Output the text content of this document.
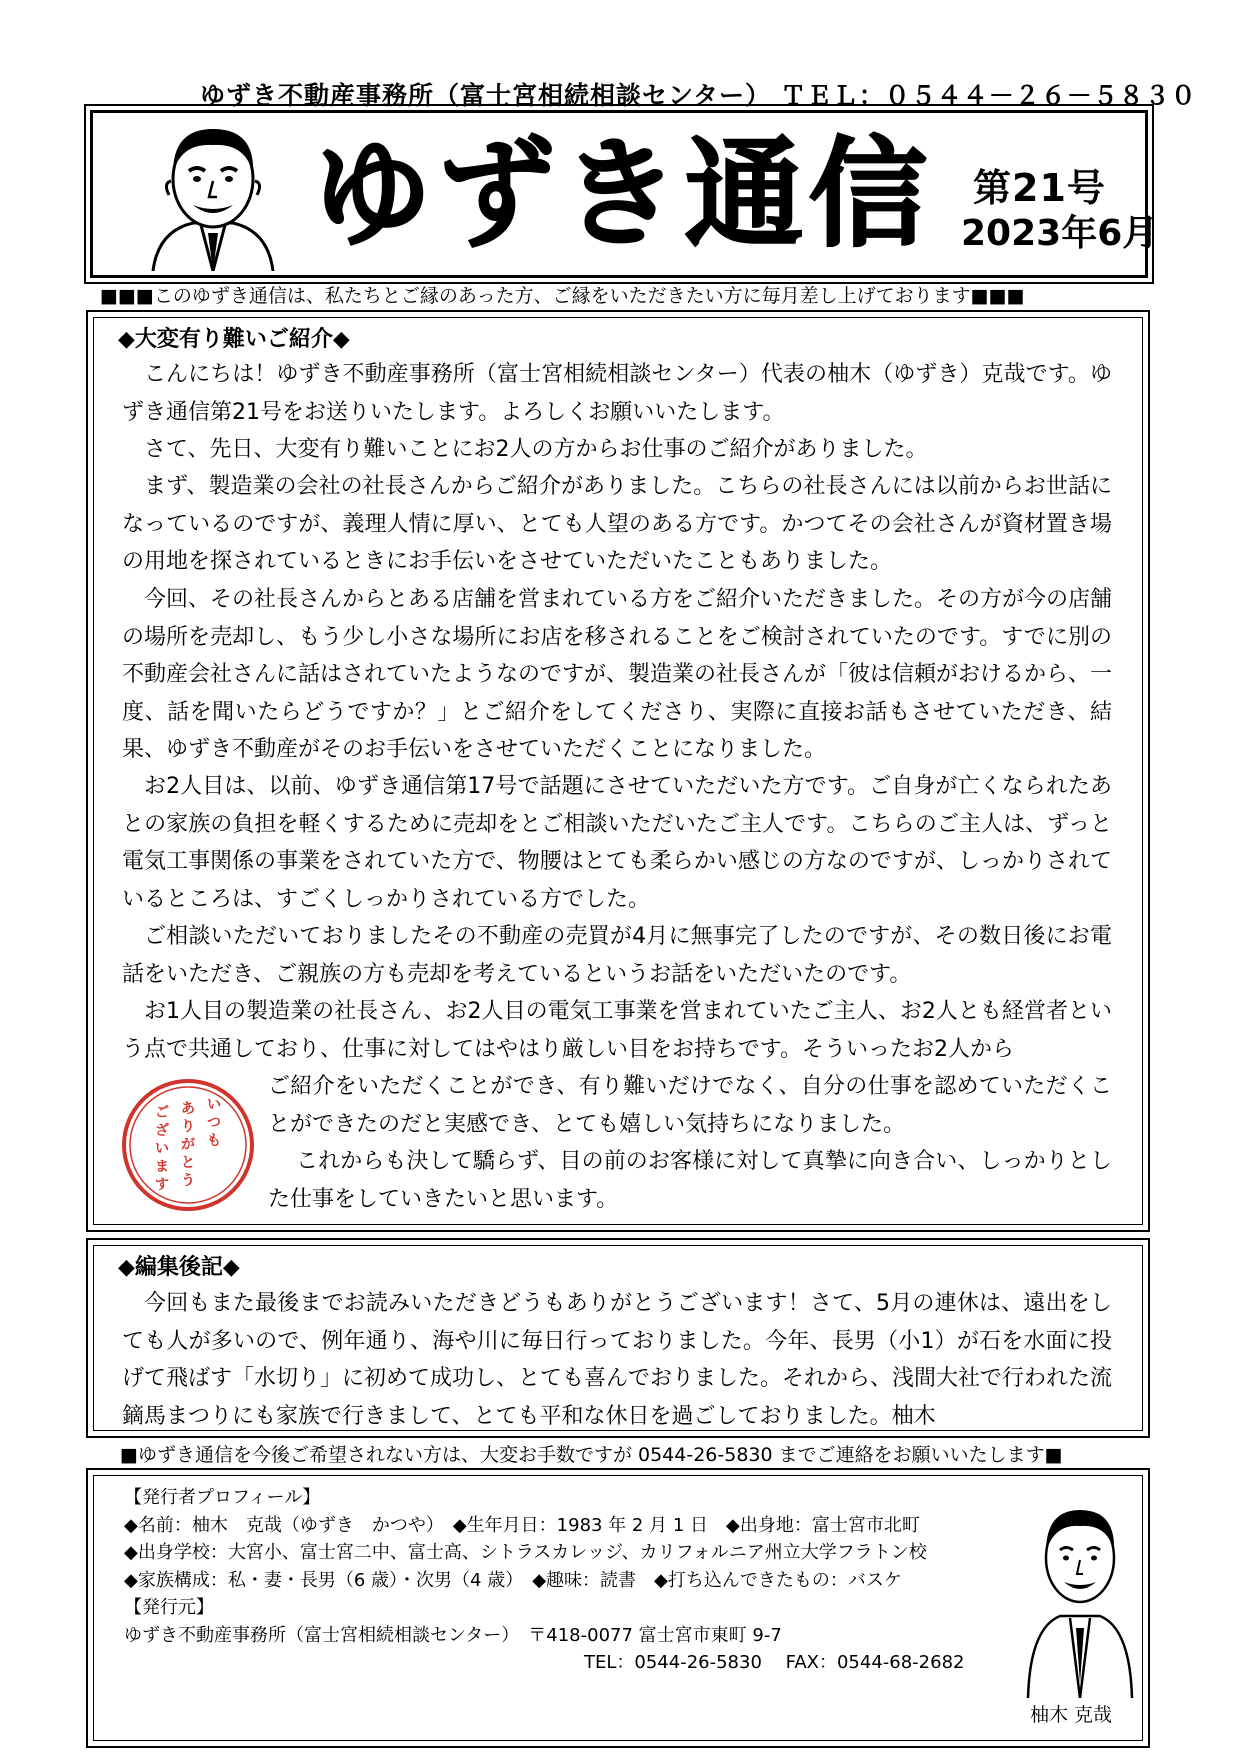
ゆずき不動産事務所（富士宮相続相談センター） ＴＥＬ：０５４４－２６－５８３０
ゆずき通信 第21号
2023年6月
■■■このゆずき通信は、私たちとご縁のあった方、ご縁をいただきたい方に毎月差し上げております■■■
◆大変有り難いご紹介◆

こんにちは！ゆずき不動産事務所（富士宮相続相談センター）代表の柚木（ゆずき）克哉です。ゆずき通信第21号をお送りいたします。よろしくお願いいたします。

さて、先日、大変有り難いことにお2人の方からお仕事のご紹介がありました。

まず、製造業の会社の社長さんからご紹介がありました。こちらの社長さんには以前からお世話になっているのですが、義理人情に厚い、とても人望のある方です。かつてその会社さんが資材置き場の用地を探されているときにお手伝いをさせていただいたこともありました。

今回、その社長さんからとある店舗を営まれている方をご紹介いただきました。その方が今の店舗の場所を売却し、もう少し小さな場所にお店を移されることをご検討されていたのです。すでに別の不動産会社さんに話はされていたようなのですが、製造業の社長さんが「彼は信頼がおけるから、一度、話を聞いたらどうですか？」とご紹介をしてくださり、実際に直接お話もさせていただき、結果、ゆずき不動産がそのお手伝いをさせていただくことになりました。

お2人目は、以前、ゆずき通信第17号で話題にさせていただいた方です。ご自身が亡くなられたあとの家族の負担を軽くするために売却をとご相談いただいたご主人です。こちらのご主人は、ずっと電気工事関係の事業をされていた方で、物腰はとても柔らかい感じの方なのですが、しっかりされているところは、すごくしっかりされている方でした。

ご相談いただいておりましたその不動産の売買が4月に無事完了したのですが、その数日後にお電話をいただき、ご親族の方も売却を考えているというお話をいただいたのです。

お1人目の製造業の社長さん、お2人目の電気工事業を営まれていたご主人、お2人とも経営者という点で共通しており、仕事に対してはやはり厳しい目をお持ちです。そういったお2人から

ご紹介をいただくことができ、有り難いだけでなく、自分の仕事を認めていただくことができたのだと実感でき、とても嬉しい気持ちになりました。

これからも決して驕らず、目の前のお客様に対して真摯に向き合い、しっかりとした仕事をしていきたいと思います。

いつもありがとうございます
◆編集後記◆

今回もまた最後までお読みいただきどうもありがとうございます！さて、5月の連休は、遠出をしても人が多いので、例年通り、海や川に毎日行っておりました。今年、長男（小1）が石を水面に投げて飛ばす「水切り」に初めて成功し、とても喜んでおりました。それから、浅間大社で行われた流鏑馬まつりにも家族で行きまして、とても平和な休日を過ごしておりました。柚木

■ゆずき通信を今後ご希望されない方は、大変お手数ですが 0544-26-5830 までご連絡をお願いいたします■
【発行者プロフィール】
◆名前：柚木　克哉（ゆずき　かつや）　◆生年月日：1983 年 2 月 1 日　◆出身地：富士宮市北町
◆出身学校：大宮小、富士宮二中、富士高、シトラスカレッジ、カリフォルニア州立大学フラトン校
◆家族構成：私・妻・長男（6 歳）・次男（4 歳）　◆趣味：読書　◆打ち込んできたもの：バスケ
【発行元】
ゆずき不動産事務所（富士宮相続相談センター）　〒418-0077 富士宮市東町 9-7
TEL：0544-26-5830　 FAX：0544-68-2682
柚木 克哉
